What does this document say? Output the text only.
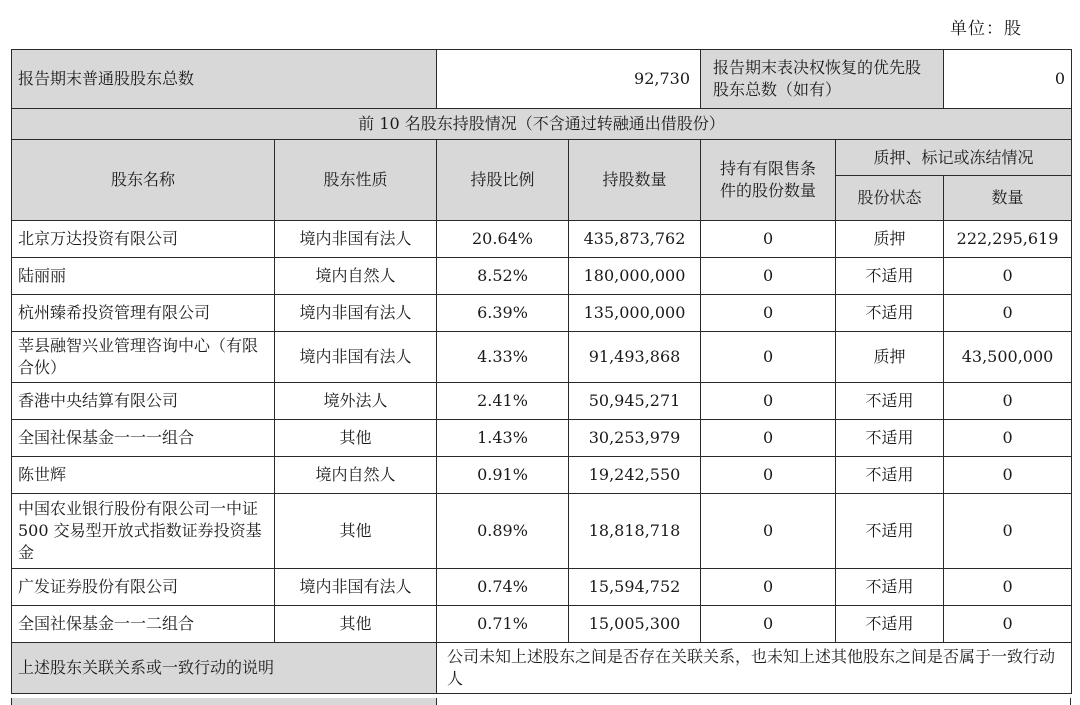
单位：股
报告期末普通股股东总数		92,730		报告期末表决权恢复的优先股股东总数（如有）		0
前 10 名股东持股情况（不含通过转融通出借股份）						
股东名称	股东性质	持股比例	持股数量	持有有限售条件的股份数量	质押、标记或冻结情况	
					股份状态	数量
北京万达投资有限公司	境内非国有法人	20.64%	435,873,762	0	质押	222,295,619
陆丽丽	境内自然人	8.52%	180,000,000	0	不适用	0
杭州臻希投资管理有限公司	境内非国有法人	6.39%	135,000,000	0	不适用	0
莘县融智兴业管理咨询中心（有限合伙）	境内非国有法人	4.33%	91,493,868	0	质押	43,500,000
香港中央结算有限公司	境外法人	2.41%	50,945,271	0	不适用	0
全国社保基金一一一组合	其他	1.43%	30,253,979	0	不适用	0
陈世辉	境内自然人	0.91%	19,242,550	0	不适用	0
中国农业银行股份有限公司一中证 500 交易型开放式指数证券投资基金	其他	0.89%	18,818,718	0	不适用	0
广发证券股份有限公司	境内非国有法人	0.74%	15,594,752	0	不适用	0
全国社保基金一一二组合	其他	0.71%	15,005,300	0	不适用	0
上述股东关联关系或一致行动的说明		公司未知上述股东之间是否存在关联关系，也未知上述其他股东之间是否属于一致行动人				
